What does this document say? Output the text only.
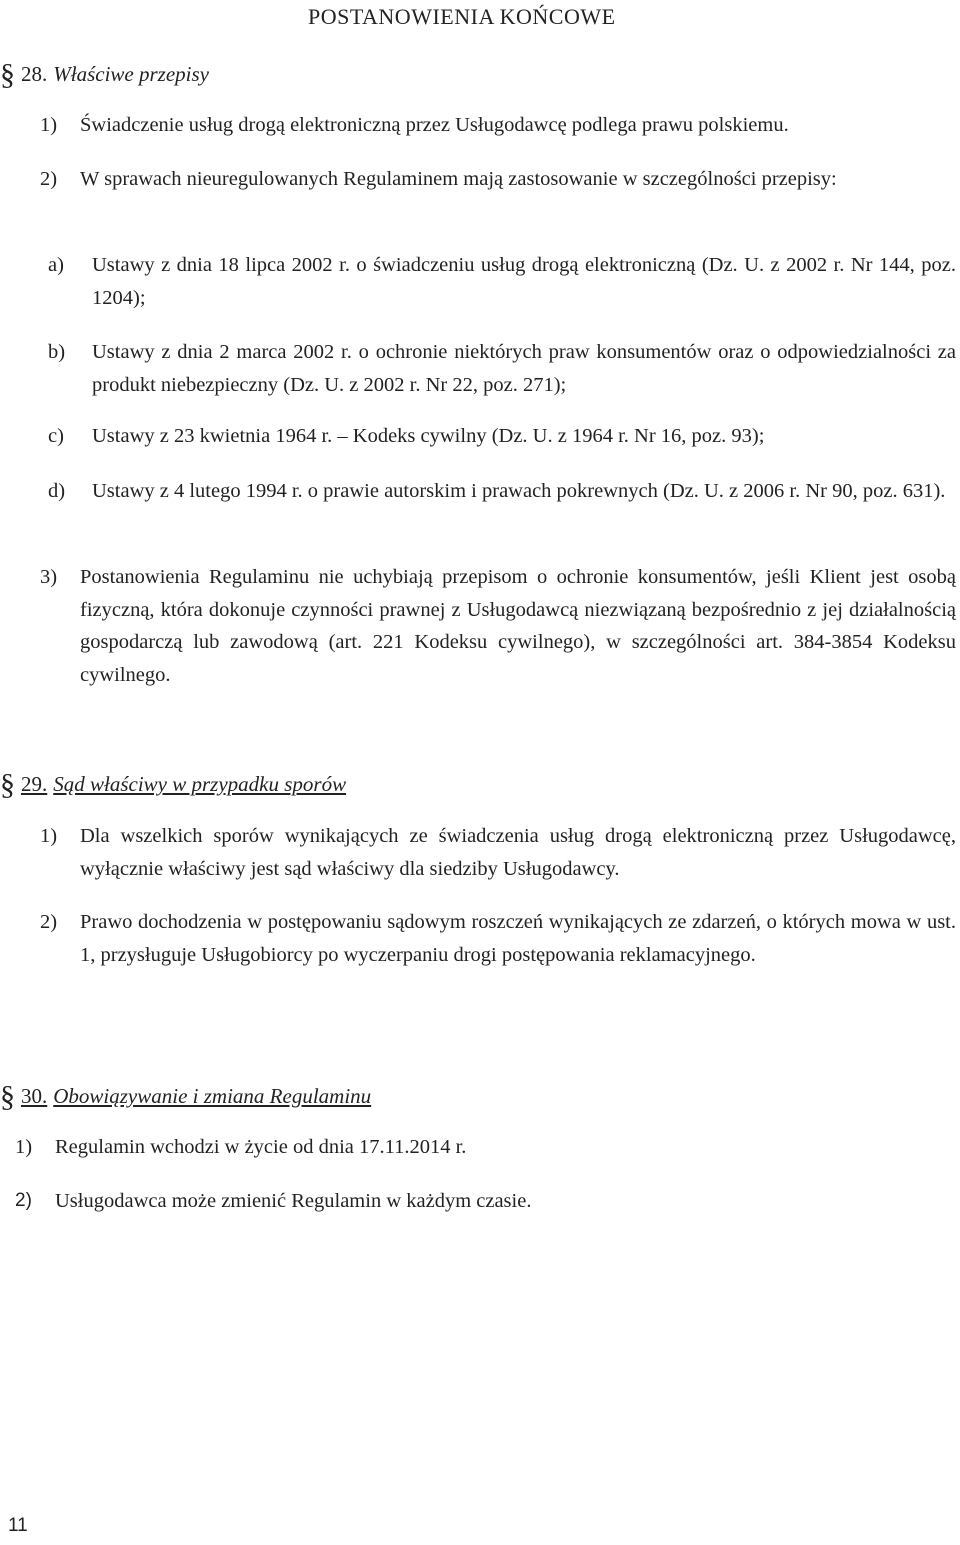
POSTANOWIENIA KOŃCOWE
§ 28. Właściwe przepisy
1) Świadczenie usług drogą elektroniczną przez Usługodawcę podlega prawu polskiemu.
2) W sprawach nieuregulowanych Regulaminem mają zastosowanie w szczególności przepisy:
a) Ustawy z dnia 18 lipca 2002 r. o świadczeniu usług drogą elektroniczną (Dz. U. z 2002 r. Nr 144, poz. 1204);
b) Ustawy z dnia 2 marca 2002 r. o ochronie niektórych praw konsumentów oraz o odpowiedzialności za produkt niebezpieczny (Dz. U. z 2002 r. Nr 22, poz. 271);
c) Ustawy z 23 kwietnia 1964 r. – Kodeks cywilny (Dz. U. z 1964 r. Nr 16, poz. 93);
d) Ustawy z 4 lutego 1994 r. o prawie autorskim i prawach pokrewnych (Dz. U. z 2006 r. Nr 90, poz. 631).
3) Postanowienia Regulaminu nie uchybiają przepisom o ochronie konsumentów, jeśli Klient jest osobą fizyczną, która dokonuje czynności prawnej z Usługodawcą niezwiązaną bezpośrednio z jej działalnością gospodarczą lub zawodową (art. 221 Kodeksu cywilnego), w szczególności art. 384-3854 Kodeksu cywilnego.
§ 29. Sąd właściwy w przypadku sporów
1) Dla wszelkich sporów wynikających ze świadczenia usług drogą elektroniczną przez Usługodawcę, wyłącznie właściwy jest sąd właściwy dla siedziby Usługodawcy.
2) Prawo dochodzenia w postępowaniu sądowym roszczeń wynikających ze zdarzeń, o których mowa w ust. 1, przysługuje Usługobiorcy po wyczerpaniu drogi postępowania reklamacyjnego.
§ 30. Obowiązywanie i zmiana Regulaminu
1) Regulamin wchodzi w życie od dnia 17.11.2014 r.
2) Usługodawca może zmienić Regulamin w każdym czasie.
11
